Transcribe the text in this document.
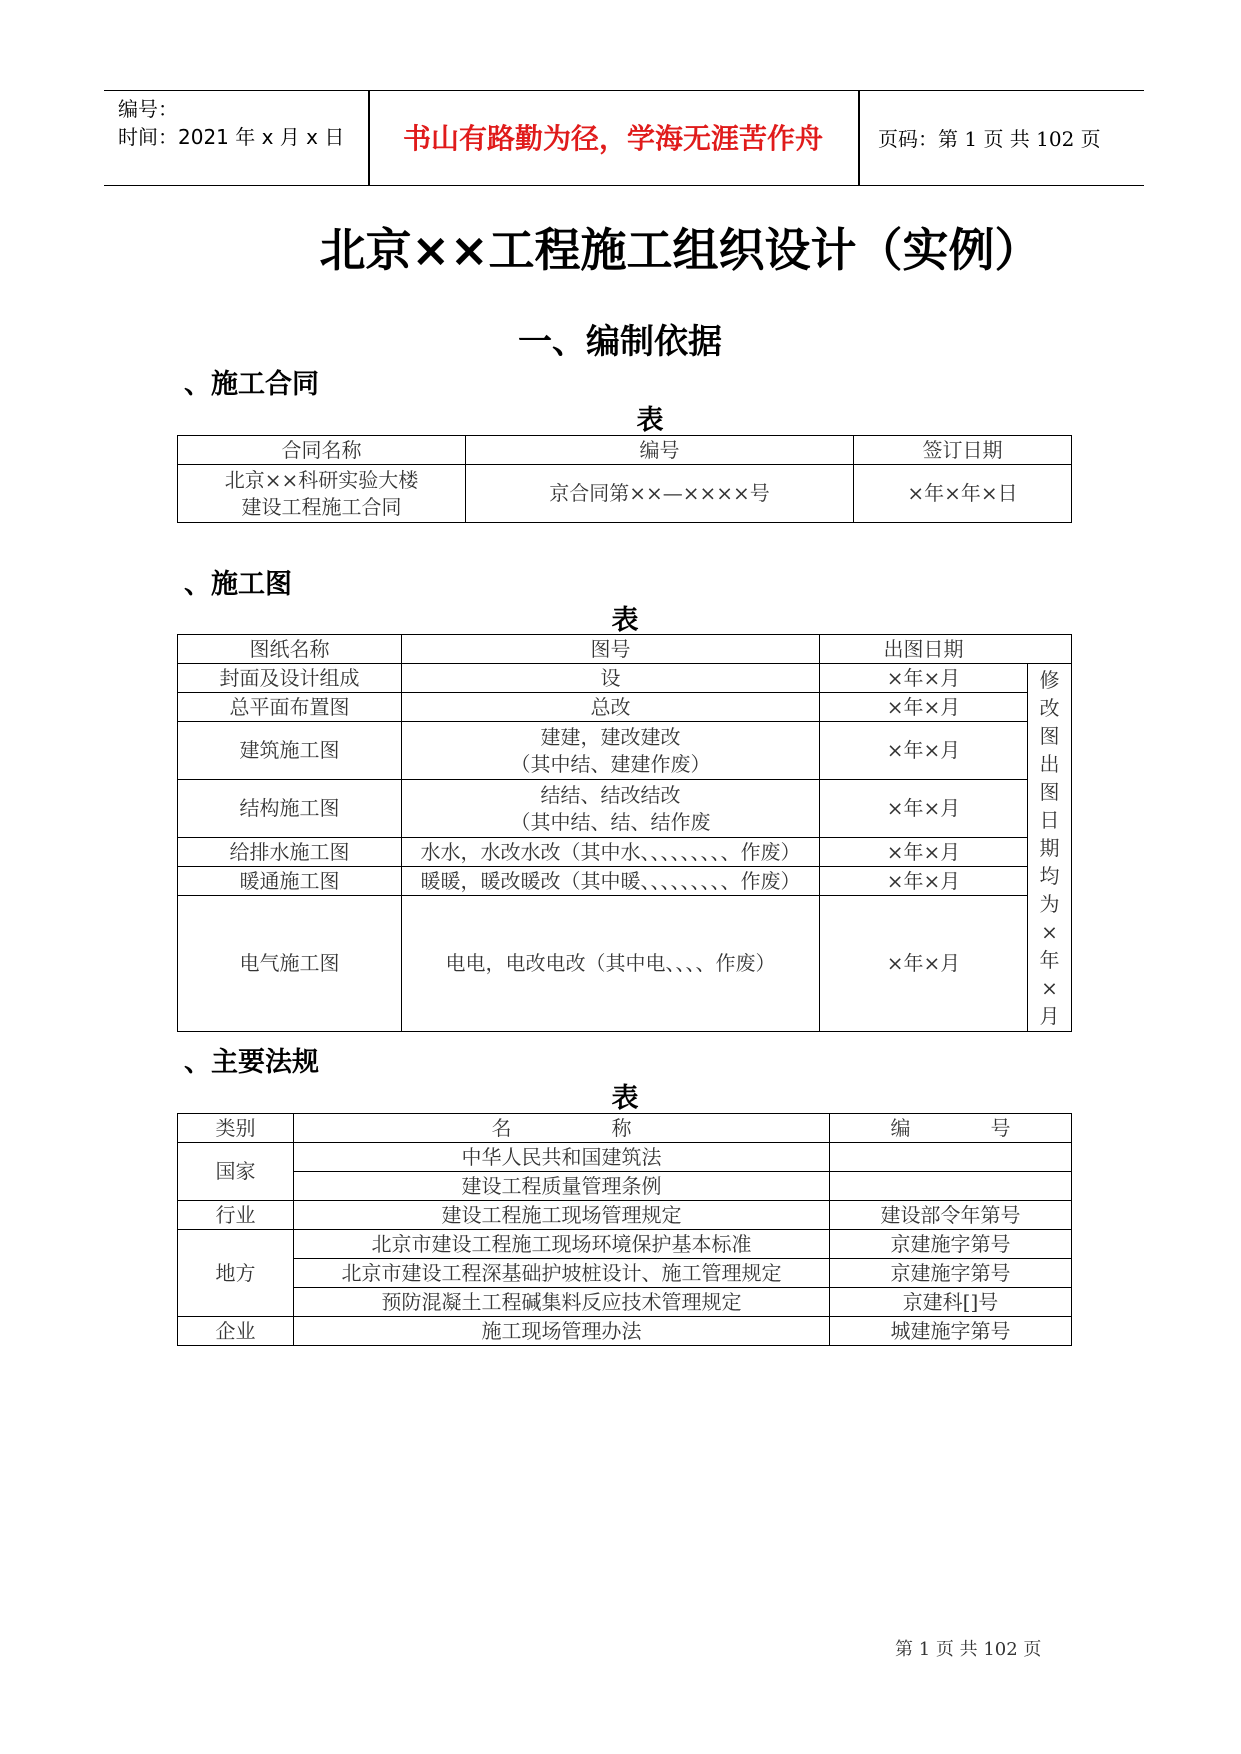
编号：
时间：2021 年 x 月 x 日	书山有路勤为径，学海无涯苦作舟	页码：第 1 页 共 102 页
北京××工程施工组织设计（实例）
一、编制依据
、施工合同
表
合同名称	编号	签订日期

北京××科研实验大楼
建设工程施工合同	京合同第××—××××号	×年×年×日
、施工图
表
图纸名称	图号	出图日期	
封面及设计组成	设	×年×月	修改图出图日期均为×年×月
总平面布置图	总改	×年×月	
建筑施工图	建建，建改建改
（其中结、建建作废）	×年×月	
结构施工图	结结、结改结改
（其中结、结、结作废	×年×月	
给排水施工图	水水，水改水改（其中水、、、、、、、、、作废）	×年×月	
暖通施工图	暖暖，暖改暖改（其中暖、、、、、、、、、作废）	×年×月	
电气施工图	电电，电改电改（其中电、、、、作废）	×年×月	
、主要法规
表
类别	名　　　　　称	编　　　　号
国家	中华人民共和国建筑法	
	建设工程质量管理条例	
行业	建设工程施工现场管理规定	建设部令年第号
地方	北京市建设工程施工现场环境保护基本标准	京建施字第号
	北京市建设工程深基础护坡桩设计、施工管理规定	京建施字第号
	预防混凝土工程碱集料反应技术管理规定	京建科[]号
企业	施工现场管理办法	城建施字第号
第 1 页 共 102 页
